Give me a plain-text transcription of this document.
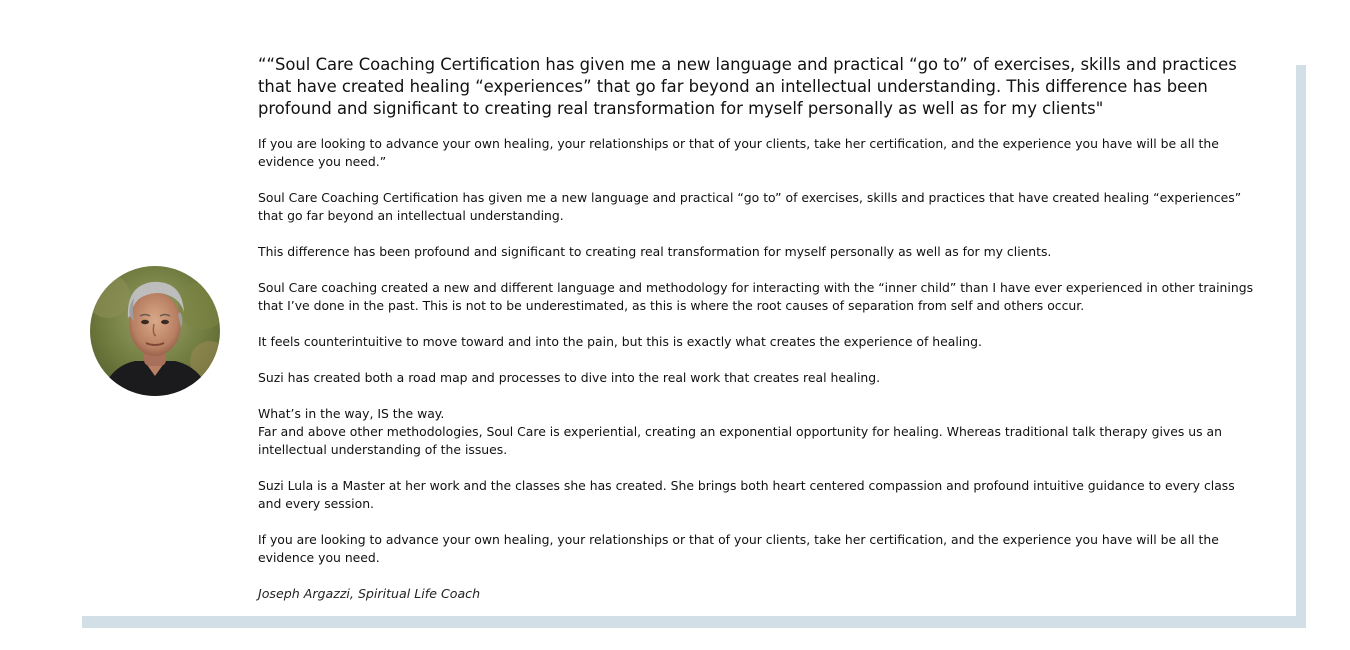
““Soul Care Coaching Certification has given me a new language and practical “go to” of exercises, skills and practices that have created healing “experiences” that go far beyond an intellectual understanding. This difference has been profound and significant to creating real transformation for myself personally as well as for my clients"

If you are looking to advance your own healing, your relationships or that of your clients, take her certification, and the experience you have will be all the evidence you need.”

Soul Care Coaching Certification has given me a new language and practical “go to” of exercises, skills and practices that have created healing “experiences” that go far beyond an intellectual understanding.

This difference has been profound and significant to creating real transformation for myself personally as well as for my clients.

Soul Care coaching created a new and different language and methodology for interacting with the “inner child” than I have ever experienced in other trainings that I’ve done in the past. This is not to be underestimated, as this is where the root causes of separation from self and others occur.

It feels counterintuitive to move toward and into the pain, but this is exactly what creates the experience of healing.

Suzi has created both a road map and processes to dive into the real work that creates real healing.

What’s in the way, IS the way.

Far and above other methodologies, Soul Care is experiential, creating an exponential opportunity for healing. Whereas traditional talk therapy gives us an intellectual understanding of the issues.

Suzi Lula is a Master at her work and the classes she has created. She brings both heart centered compassion and profound intuitive guidance to every class and every session.

If you are looking to advance your own healing, your relationships or that of your clients, take her certification, and the experience you have will be all the evidence you need.

Joseph Argazzi, Spiritual Life Coach
